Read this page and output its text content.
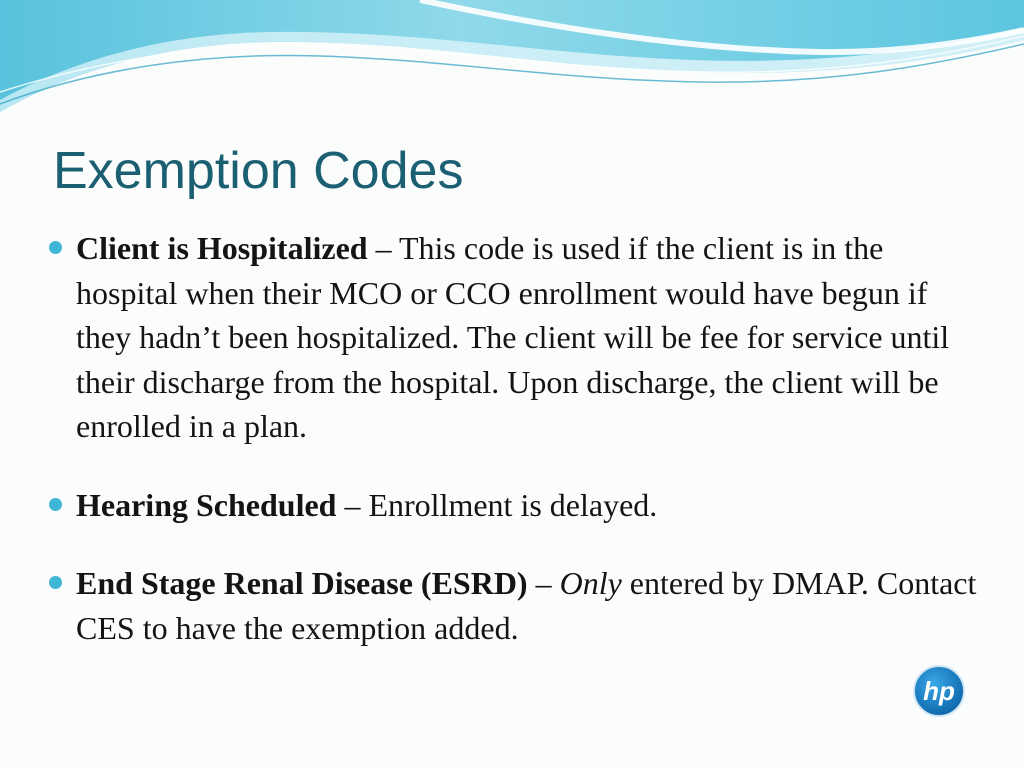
Exemption Codes
Client is Hospitalized – This code is used if the client is in the hospital when their MCO or CCO enrollment would have begun if they hadn’t been hospitalized. The client will be fee for service until their discharge from the hospital. Upon discharge, the client will be enrolled in a plan.
Hearing Scheduled – Enrollment is delayed.
End Stage Renal Disease (ESRD) – Only entered by DMAP. Contact CES to have the exemption added.
hp
